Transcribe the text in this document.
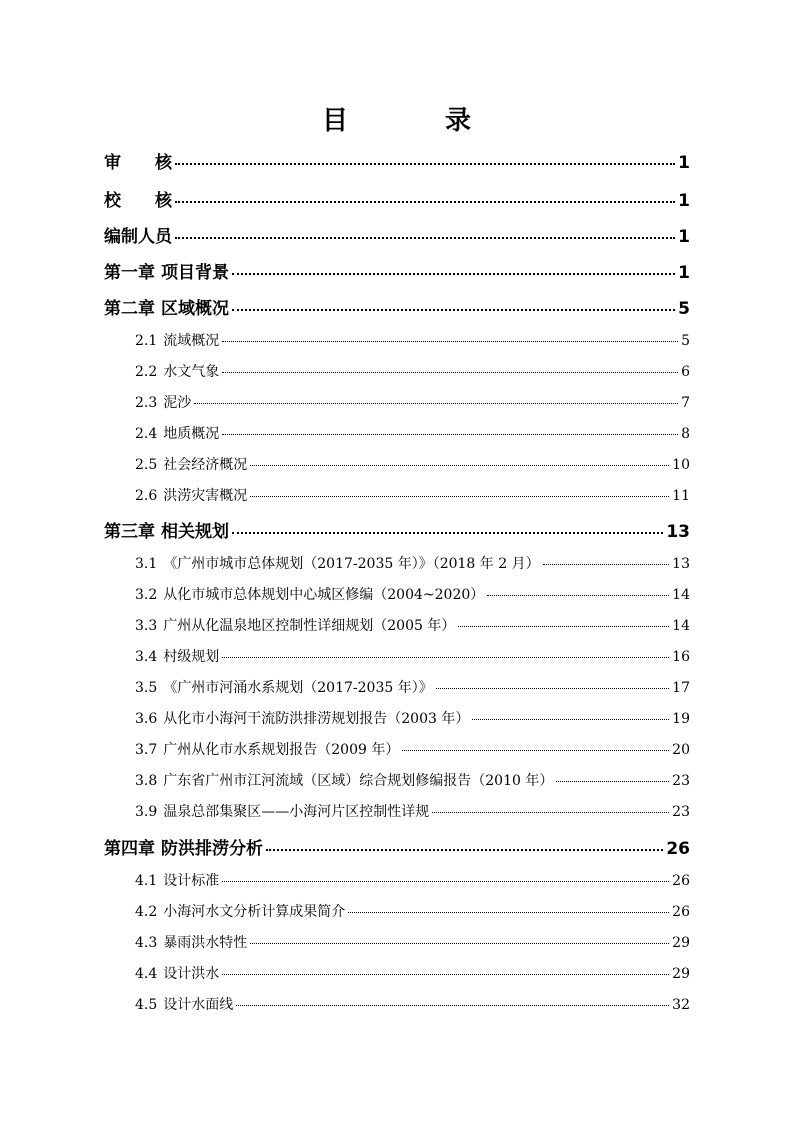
目 录
审　　核	1
校　　核	1
编制人员	1
第一章 项目背景	1
第二章 区域概况	5
2.1 流域概况	5
2.2 水文气象	6
2.3 泥沙	7
2.4 地质概况	8
2.5 社会经济概况	10
2.6 洪涝灾害概况	11
第三章 相关规划	13
3.1 《广州市城市总体规划（2017-2035 年）》（2018 年 2 月）	13
3.2 从化市城市总体规划中心城区修编（2004~2020）	14
3.3 广州从化温泉地区控制性详细规划（2005 年）	14
3.4 村级规划	16
3.5 《广州市河涌水系规划（2017-2035 年）》	17
3.6 从化市小海河干流防洪排涝规划报告（2003 年）	19
3.7 广州从化市水系规划报告（2009 年）	20
3.8 广东省广州市江河流域（区域）综合规划修编报告（2010 年）	23
3.9 温泉总部集聚区——小海河片区控制性详规	23
第四章 防洪排涝分析	26
4.1 设计标准	26
4.2 小海河水文分析计算成果简介	26
4.3 暴雨洪水特性	29
4.4 设计洪水	29
4.5 设计水面线	32
